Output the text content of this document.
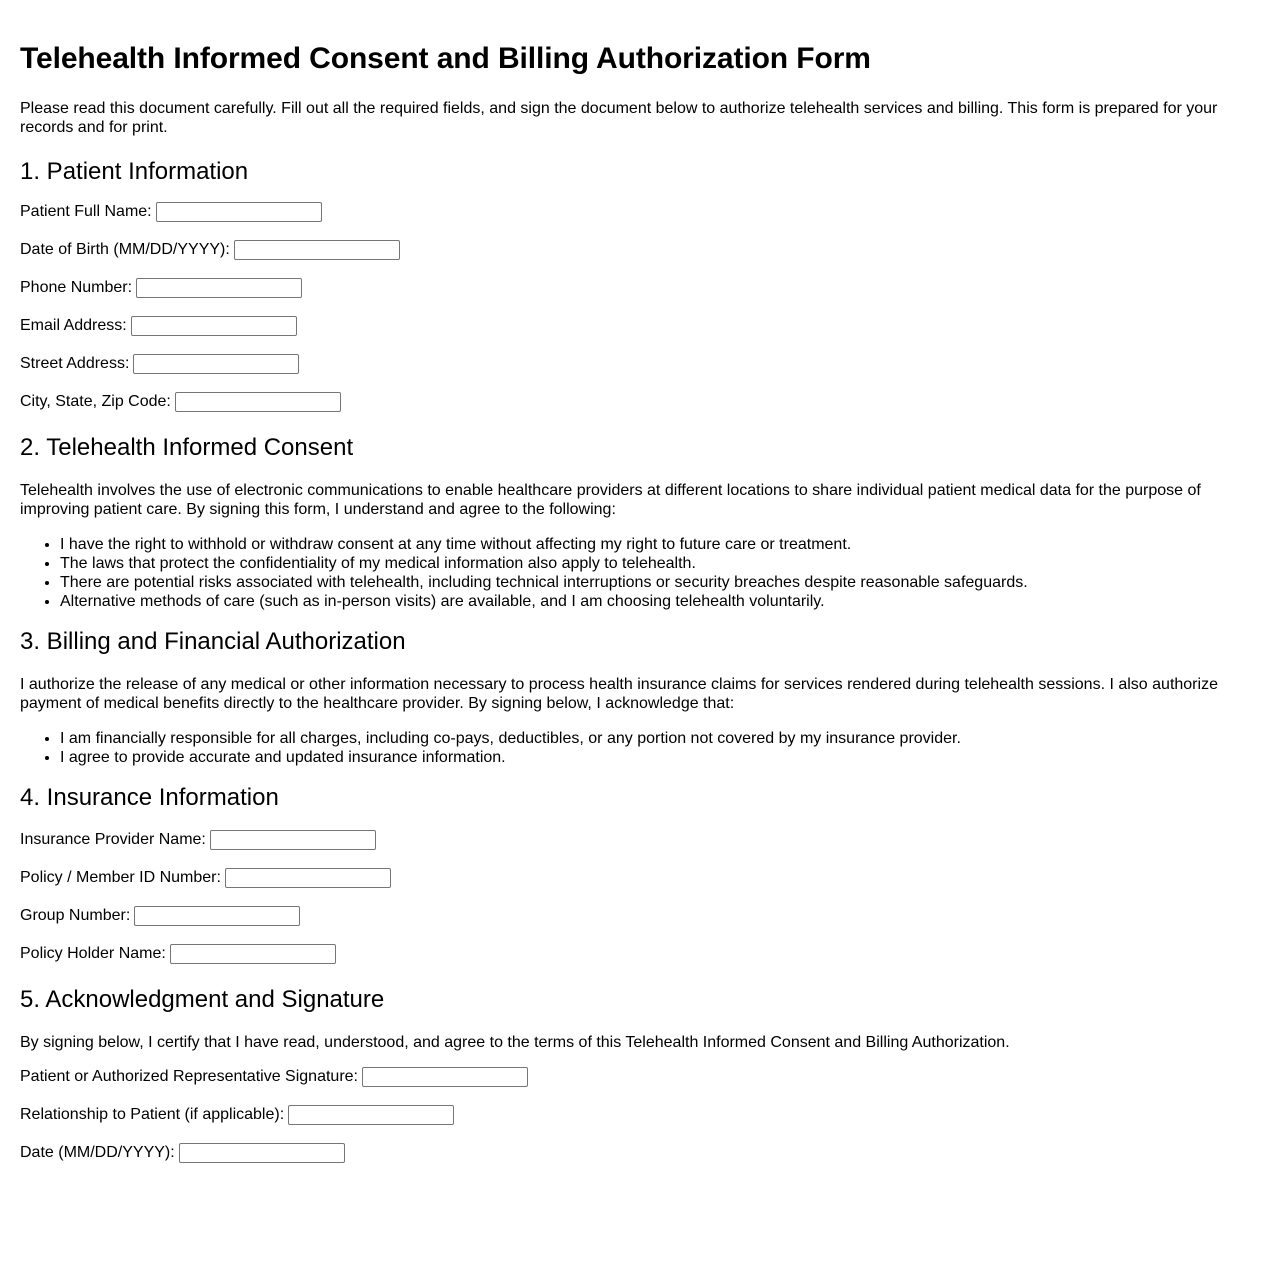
Telehealth Informed Consent and Billing Authorization Form

Please read this document carefully. Fill out all the required fields, and sign the document below to authorize telehealth services and billing. This form is prepared for your records and for print.

1. Patient Information
Patient Full Name:
Date of Birth (MM/DD/YYYY):
Phone Number:
Email Address:
Street Address:
City, State, Zip Code:
2. Telehealth Informed Consent

Telehealth involves the use of electronic communications to enable healthcare providers at different locations to share individual patient medical data for the purpose of improving patient care. By signing this form, I understand and agree to the following:

• I have the right to withhold or withdraw consent at any time without affecting my right to future care or treatment.
• The laws that protect the confidentiality of my medical information also apply to telehealth.
• There are potential risks associated with telehealth, including technical interruptions or security breaches despite reasonable safeguards.
• Alternative methods of care (such as in-person visits) are available, and I am choosing telehealth voluntarily.
3. Billing and Financial Authorization

I authorize the release of any medical or other information necessary to process health insurance claims for services rendered during telehealth sessions. I also authorize payment of medical benefits directly to the healthcare provider. By signing below, I acknowledge that:

• I am financially responsible for all charges, including co-pays, deductibles, or any portion not covered by my insurance provider.
• I agree to provide accurate and updated insurance information.
4. Insurance Information
Insurance Provider Name:
Policy / Member ID Number:
Group Number:
Policy Holder Name:
5. Acknowledgment and Signature

By signing below, I certify that I have read, understood, and agree to the terms of this Telehealth Informed Consent and Billing Authorization.

Patient or Authorized Representative Signature:
Relationship to Patient (if applicable):
Date (MM/DD/YYYY):
